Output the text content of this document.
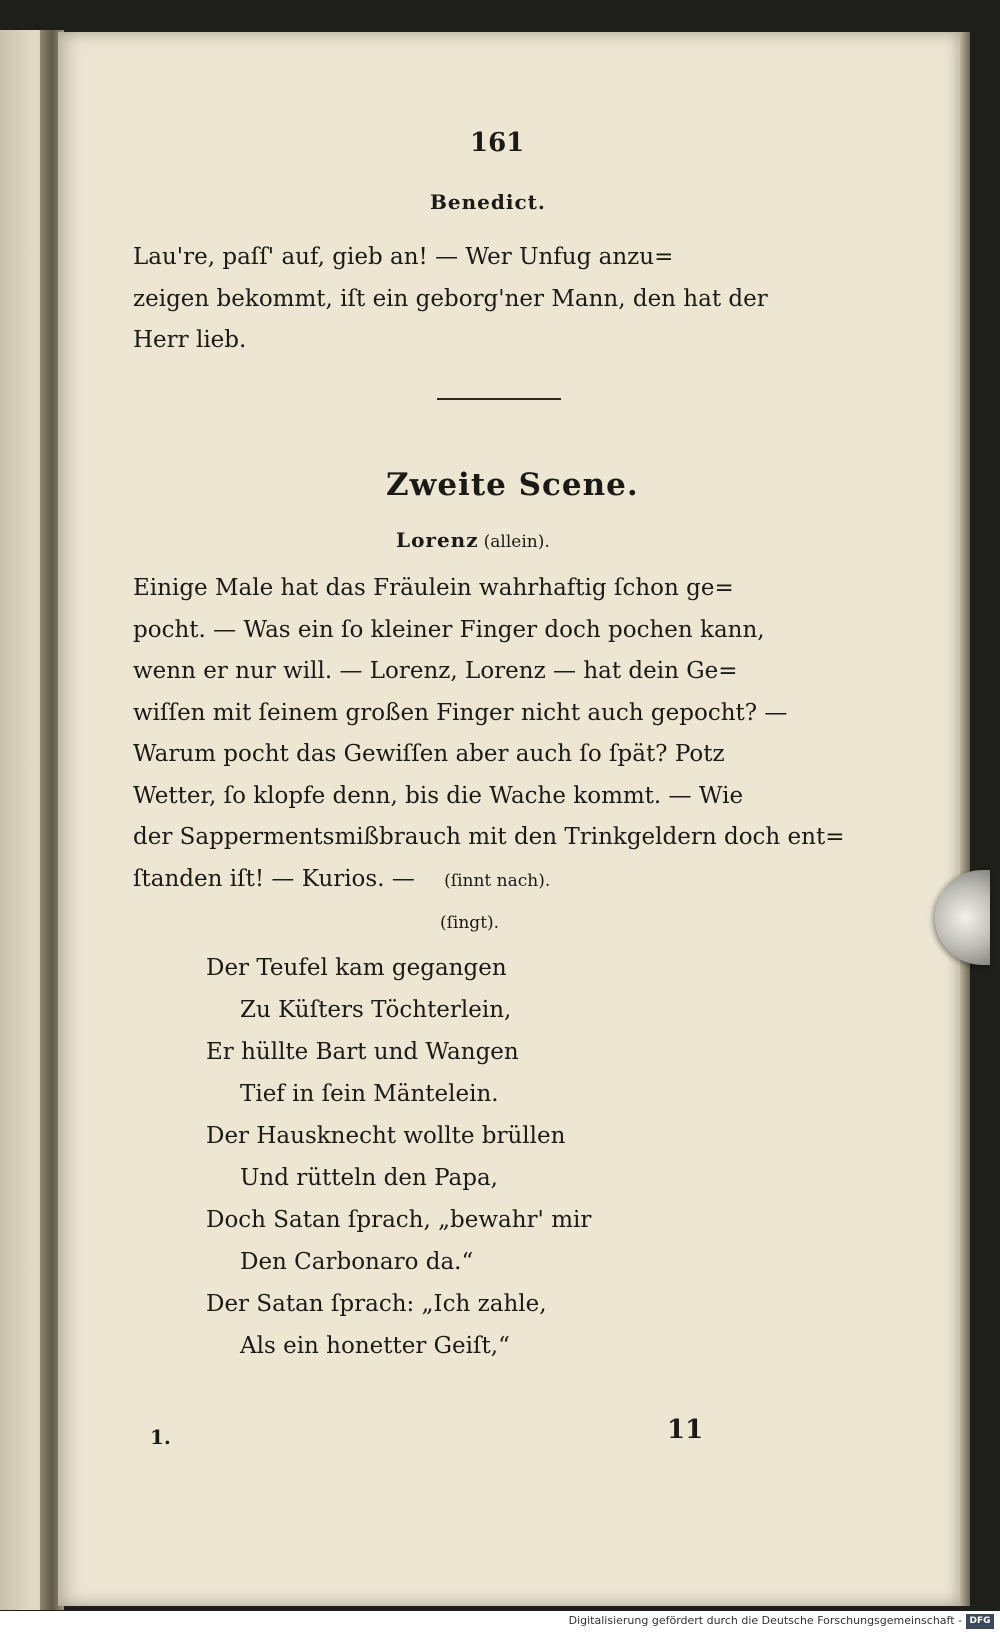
161
Benedict.
Lau're, paſſ' auf, gieb an! — Wer Unfug anzu=
zeigen bekommt, iſt ein geborg'ner Mann, den hat der
Herr lieb.
Zweite Scene.
Lorenz (allein).
Einige Male hat das Fräulein wahrhaftig ſchon ge=
pocht. — Was ein ſo kleiner Finger doch pochen kann,
wenn er nur will. — Lorenz, Lorenz — hat dein Ge=
wiſſen mit ſeinem großen Finger nicht auch gepocht? —
Warum pocht das Gewiſſen aber auch ſo ſpät? Potz
Wetter, ſo klopfe denn, bis die Wache kommt. — Wie
der Sappermentsmißbrauch mit den Trinkgeldern doch ent=
ſtanden iſt! — Kurios. — (ſinnt nach).
(ſingt).
Der Teufel kam gegangen
Zu Küſters Töchterlein,
Er hüllte Bart und Wangen
Tief in ſein Mäntelein.
Der Hausknecht wollte brüllen
Und rütteln den Papa,
Doch Satan ſprach, „bewahr' mir
Den Carbonaro da.“
Der Satan ſprach: „Ich zahle,
Als ein honetter Geiſt,“
1.	11
Digitalisierung gefördert durch die Deutsche Forschungsgemeinschaft - DFG
